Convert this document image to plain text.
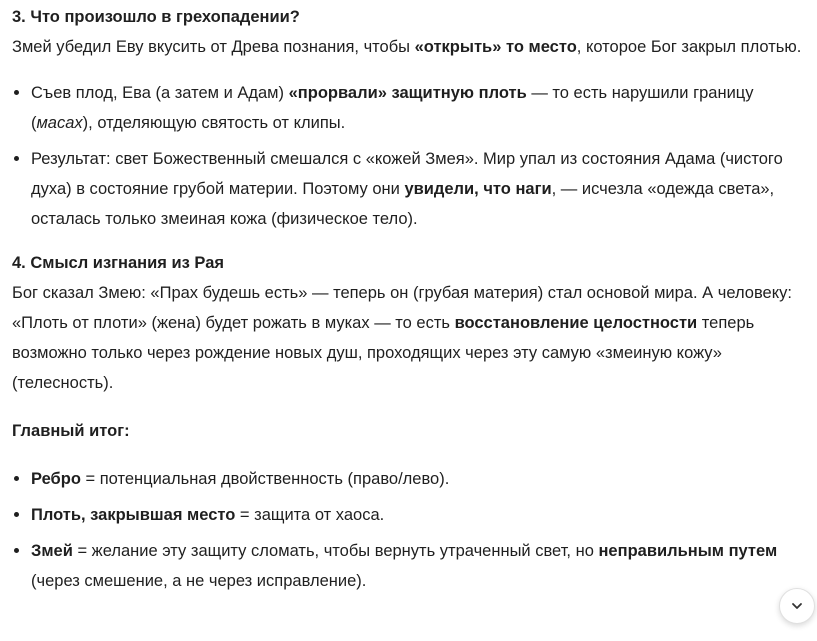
3. Что произошло в грехопадении?

Змей убедил Еву вкусить от Древа познания, чтобы «открыть» то место, которое Бог закрыл плотью.

Съев плод, Ева (а затем и Адам) «прорвали» защитную плоть — то есть нарушили границу (масах), отделяющую святость от клипы.
Результат: свет Божественный смешался с «кожей Змея». Мир упал из состояния Адама (чистого духа) в состояние грубой материи. Поэтому они увидели, что наги, — исчезла «одежда света», осталась только змеиная кожа (физическое тело).
4. Смысл изгнания из Рая

Бог сказал Змею: «Прах будешь есть» — теперь он (грубая материя) стал основой мира. А человеку: «Плоть от плоти» (жена) будет рожать в муках — то есть восстановление целостности теперь возможно только через рождение новых душ, проходящих через эту самую «змеиную кожу» (телесность).

Главный итог:
Ребро = потенциальная двойственность (право/лево).
Плоть, закрывшая место = защита от хаоса.
Змей = желание эту защиту сломать, чтобы вернуть утраченный свет, но неправильным путем (через смешение, а не через исправление).
